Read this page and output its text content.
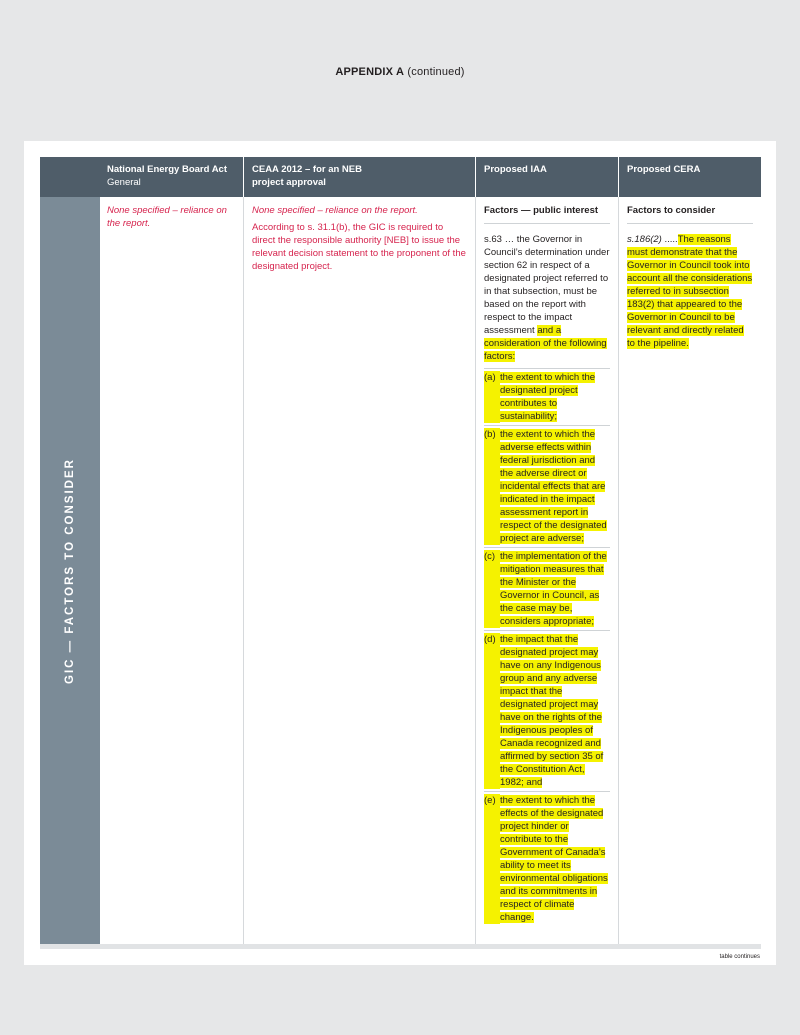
APPENDIX A (continued)
National Energy Board Act
General
CEAA 2012 – for an NEB
project approval
Proposed IAA	Proposed CERA
GIC — FACTORS TO CONSIDER
None specified – reliance on the report.
None specified – reliance on the report.
According to s. 31.1(b), the GIC is required to direct the responsible authority [NEB] to issue the relevant decision statement to the proponent of the designated project.
Factors — public interest
s.63 … the Governor in Council’s determination under section 62 in respect of a designated project referred to in that subsection, must be based on the report with respect to the impact assessment and a consideration of the following factors:
(a) the extent to which the designated project contributes to sustainability;
(b) the extent to which the adverse effects within federal jurisdiction and the adverse direct or incidental effects that are indicated in the impact assessment report in respect of the designated project are adverse;
(c) the implementation of the mitigation measures that the Minister or the Governor in Council, as the case may be, considers appropriate;
(d) the impact that the designated project may have on any Indigenous group and any adverse impact that the designated project may have on the rights of the Indigenous peoples of Canada recognized and affirmed by section 35 of the Constitution Act, 1982; and
(e) the extent to which the effects of the designated project hinder or contribute to the Government of Canada’s ability to meet its environmental obligations and its commitments in respect of climate change.
Factors to consider
s.186(2) .....The reasons must demonstrate that the Governor in Council took into account all the considerations referred to in subsection 183(2) that appeared to the Governor in Council to be relevant and directly related to the pipeline.
table continues
